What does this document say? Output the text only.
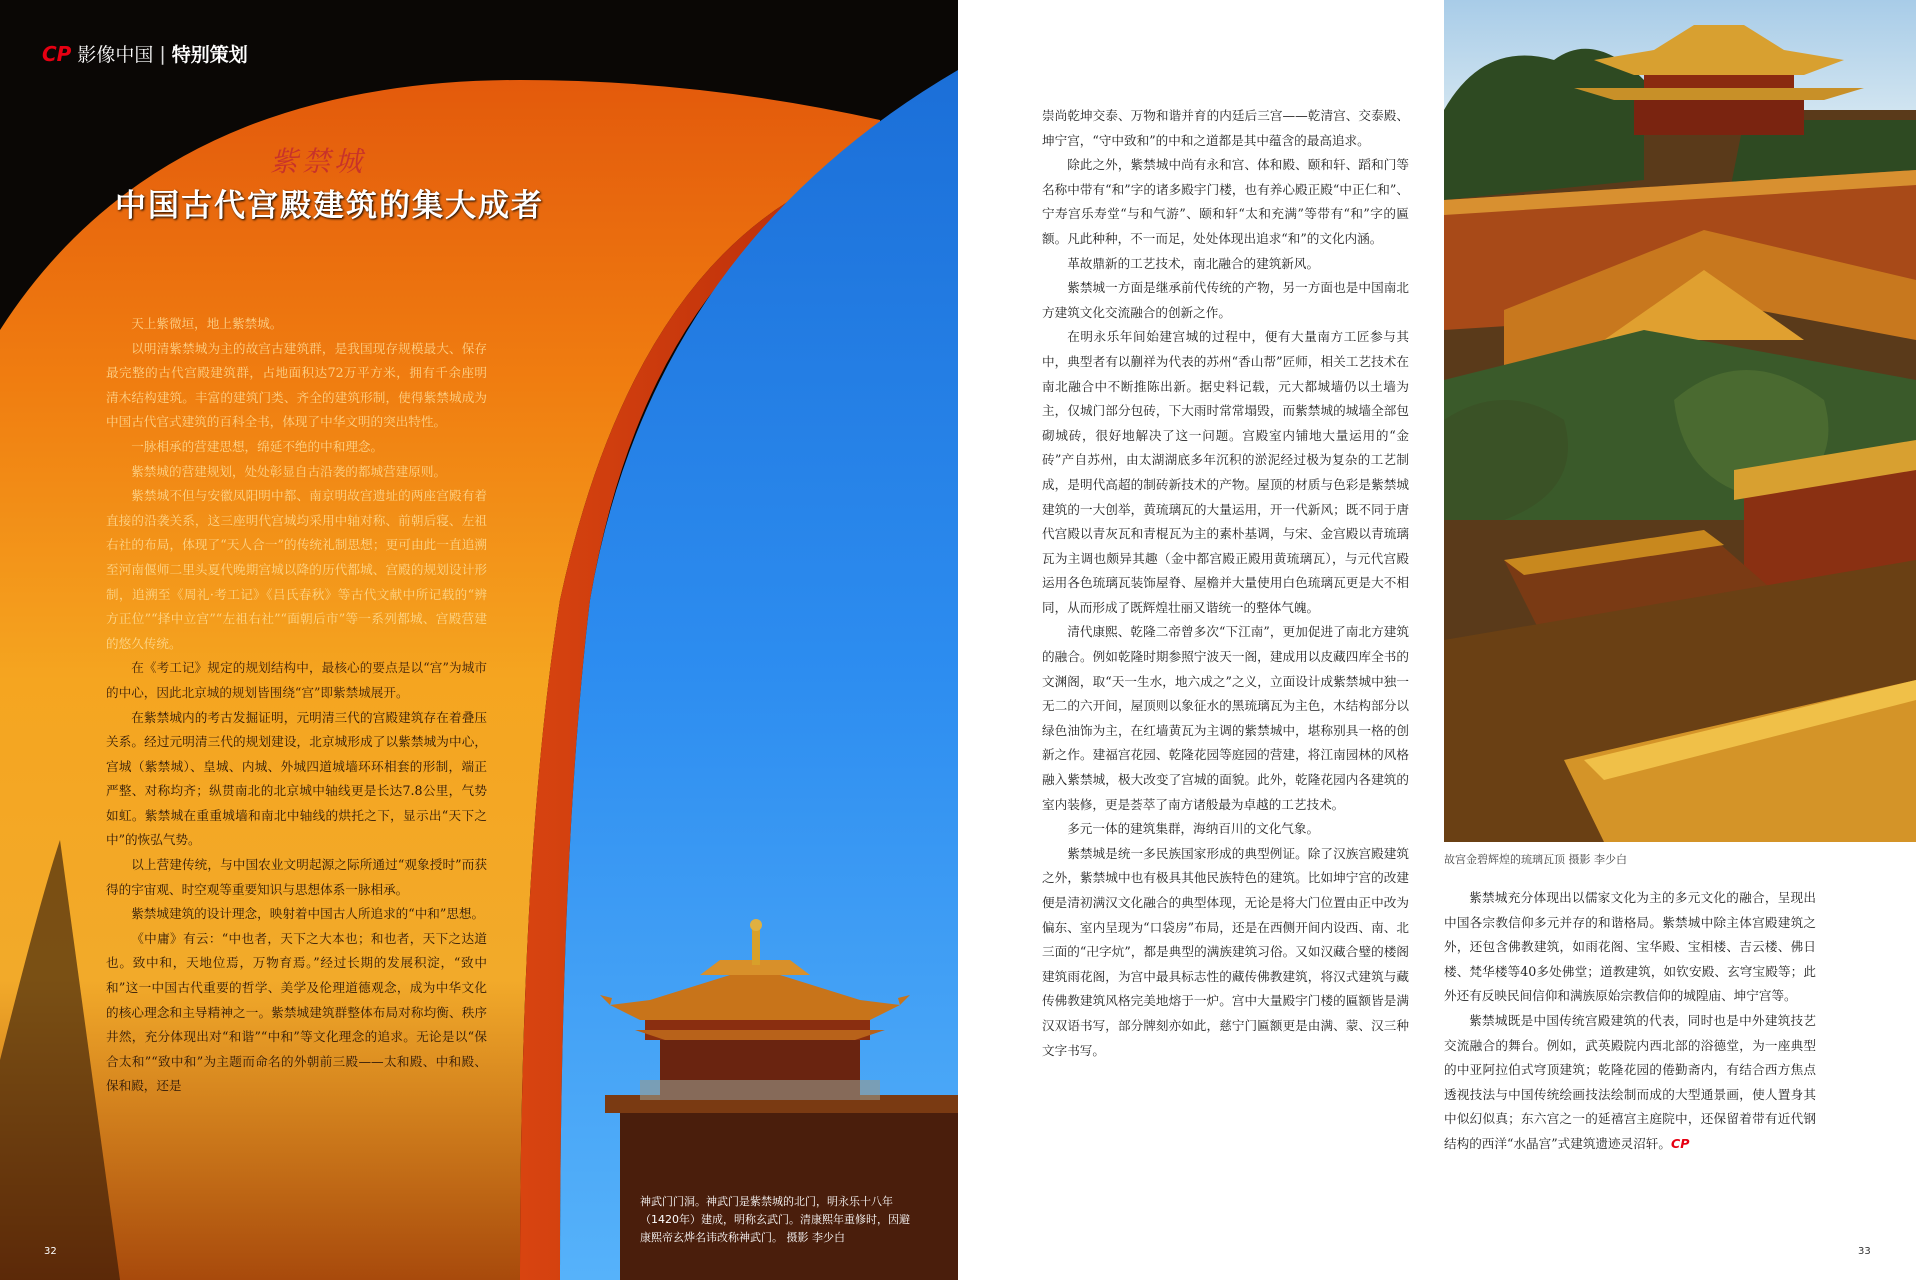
CP 影像中国 | 特别策划
紫禁城
中国古代宫殿建筑的集大成者

天上紫微垣，地上紫禁城。

以明清紫禁城为主的故宫古建筑群，是我国现存规模最大、保存最完整的古代宫殿建筑群，占地面积达72万平方米，拥有千余座明清木结构建筑。丰富的建筑门类、齐全的建筑形制，使得紫禁城成为中国古代官式建筑的百科全书，体现了中华文明的突出特性。

一脉相承的营建思想，绵延不绝的中和理念。

紫禁城的营建规划，处处彰显自古沿袭的都城营建原则。

紫禁城不但与安徽凤阳明中都、南京明故宫遗址的两座宫殿有着直接的沿袭关系，这三座明代宫城均采用中轴对称、前朝后寝、左祖右社的布局，体现了“天人合一”的传统礼制思想；更可由此一直追溯至河南偃师二里头夏代晚期宫城以降的历代都城、宫殿的规划设计形制，追溯至《周礼·考工记》《吕氏春秋》等古代文献中所记载的“辨方正位”“择中立宫”“左祖右社”“面朝后市”等一系列都城、宫殿营建的悠久传统。

在《考工记》规定的规划结构中，最核心的要点是以“宫”为城市的中心，因此北京城的规划皆围绕“宫”即紫禁城展开。

在紫禁城内的考古发掘证明，元明清三代的宫殿建筑存在着叠压关系。经过元明清三代的规划建设，北京城形成了以紫禁城为中心，宫城（紫禁城）、皇城、内城、外城四道城墙环环相套的形制，端正严整、对称均齐；纵贯南北的北京城中轴线更是长达7.8公里，气势如虹。紫禁城在重重城墙和南北中轴线的烘托之下，显示出“天下之中”的恢弘气势。

以上营建传统，与中国农业文明起源之际所通过“观象授时”而获得的宇宙观、时空观等重要知识与思想体系一脉相承。

紫禁城建筑的设计理念，映射着中国古人所追求的“中和”思想。

《中庸》有云：“中也者，天下之大本也；和也者，天下之达道也。致中和，天地位焉，万物育焉。”经过长期的发展积淀，“致中和”这一中国古代重要的哲学、美学及伦理道德观念，成为中华文化的核心理念和主导精神之一。紫禁城建筑群整体布局对称均衡、秩序井然，充分体现出对“和谐”“中和”等文化理念的追求。无论是以“保合太和”“致中和”为主题而命名的外朝前三殿——太和殿、中和殿、保和殿，还是

神武门门洞。神武门是紫禁城的北门，明永乐十八年（1420年）建成，明称玄武门。清康熙年重修时，因避康熙帝玄烨名讳改称神武门。 摄影 李少白
32

崇尚乾坤交泰、万物和谐并育的内廷后三宫——乾清宫、交泰殿、坤宁宫，“守中致和”的中和之道都是其中蕴含的最高追求。

除此之外，紫禁城中尚有永和宫、体和殿、颐和轩、蹈和门等名称中带有“和”字的诸多殿宇门楼，也有养心殿正殿“中正仁和”、宁寿宫乐寿堂“与和气游”、颐和轩“太和充满”等带有“和”字的匾额。凡此种种，不一而足，处处体现出追求“和”的文化内涵。

革故鼎新的工艺技术，南北融合的建筑新风。

紫禁城一方面是继承前代传统的产物，另一方面也是中国南北方建筑文化交流融合的创新之作。

在明永乐年间始建宫城的过程中，便有大量南方工匠参与其中，典型者有以蒯祥为代表的苏州“香山帮”匠师，相关工艺技术在南北融合中不断推陈出新。据史料记载，元大都城墙仍以土墙为主，仅城门部分包砖，下大雨时常常塌毁，而紫禁城的城墙全部包砌城砖，很好地解决了这一问题。宫殿室内铺地大量运用的“金砖”产自苏州，由太湖湖底多年沉积的淤泥经过极为复杂的工艺制成，是明代高超的制砖新技术的产物。屋顶的材质与色彩是紫禁城建筑的一大创举，黄琉璃瓦的大量运用，开一代新风；既不同于唐代宫殿以青灰瓦和青棍瓦为主的素朴基调，与宋、金宫殿以青琉璃瓦为主调也颇异其趣（金中都宫殿正殿用黄琉璃瓦），与元代宫殿运用各色琉璃瓦装饰屋脊、屋檐并大量使用白色琉璃瓦更是大不相同，从而形成了既辉煌壮丽又谐统一的整体气魄。

清代康熙、乾隆二帝曾多次“下江南”，更加促进了南北方建筑的融合。例如乾隆时期参照宁波天一阁，建成用以皮藏四库全书的文渊阁，取“天一生水，地六成之”之义，立面设计成紫禁城中独一无二的六开间，屋顶则以象征水的黑琉璃瓦为主色，木结构部分以绿色油饰为主，在红墙黄瓦为主调的紫禁城中，堪称别具一格的创新之作。建福宫花园、乾隆花园等庭园的营建，将江南园林的风格融入紫禁城，极大改变了宫城的面貌。此外，乾隆花园内各建筑的室内装修，更是荟萃了南方诸般最为卓越的工艺技术。

多元一体的建筑集群，海纳百川的文化气象。

紫禁城是统一多民族国家形成的典型例证。除了汉族宫殿建筑之外，紫禁城中也有极具其他民族特色的建筑。比如坤宁宫的改建便是清初满汉文化融合的典型体现，无论是将大门位置由正中改为偏东、室内呈现为“口袋房”布局，还是在西侧开间内设西、南、北三面的“卍字炕”，都是典型的满族建筑习俗。又如汉藏合璧的楼阁建筑雨花阁，为宫中最具标志性的藏传佛教建筑，将汉式建筑与藏传佛教建筑风格完美地熔于一炉。宫中大量殿宇门楼的匾额皆是满汉双语书写，部分牌刻亦如此，慈宁门匾额更是由满、蒙、汉三种文字书写。

故宫金碧辉煌的琉璃瓦顶 摄影 李少白

紫禁城充分体现出以儒家文化为主的多元文化的融合，呈现出中国各宗教信仰多元并存的和谐格局。紫禁城中除主体宫殿建筑之外，还包含佛教建筑，如雨花阁、宝华殿、宝相楼、吉云楼、佛日楼、梵华楼等40多处佛堂；道教建筑，如钦安殿、玄穹宝殿等；此外还有反映民间信仰和满族原始宗教信仰的城隍庙、坤宁宫等。

紫禁城既是中国传统宫殿建筑的代表，同时也是中外建筑技艺交流融合的舞台。例如，武英殿院内西北部的浴德堂，为一座典型的中亚阿拉伯式穹顶建筑；乾隆花园的倦勤斋内，有结合西方焦点透视技法与中国传统绘画技法绘制而成的大型通景画，使人置身其中似幻似真；东六宫之一的延禧宫主庭院中，还保留着带有近代钢结构的西洋“水晶宫”式建筑遗迹灵沼轩。CP

33
